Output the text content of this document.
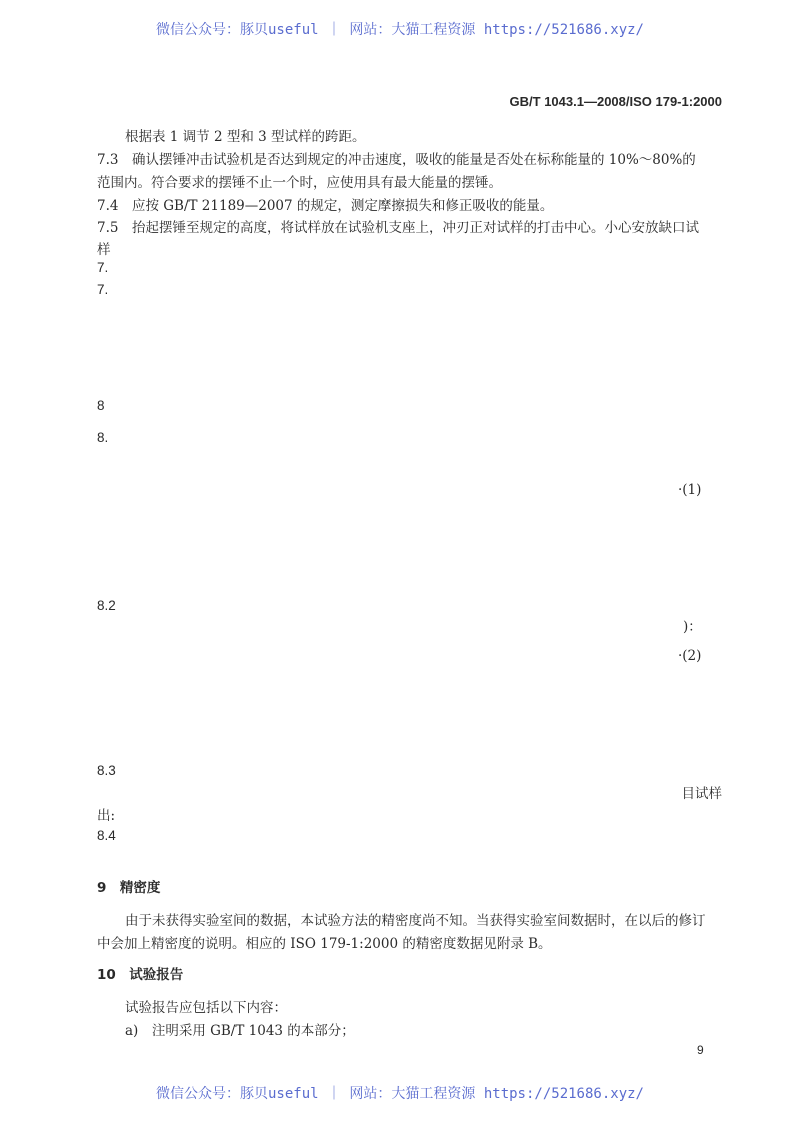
微信公众号：豚贝useful ｜ 网站：大猫工程资源 https://521686.xyz/
GB/T 1043.1—2008/ISO 179-1:2000
根据表 1 调节 2 型和 3 型试样的跨距。
7.3　确认摆锤冲击试验机是否达到规定的冲击速度，吸收的能量是否处在标称能量的 10%～80%的
范围内。符合要求的摆锤不止一个时，应使用具有最大能量的摆锤。
7.4　应按 GB/T 21189—2007 的规定，测定摩擦损失和修正吸收的能量。
7.5　抬起摆锤至规定的高度，将试样放在试验机支座上，冲刃正对试样的打击中心。小心安放缺口试
样
7.
7.
8
8.
·(1)
8.2
)：
·(2)
8.3
目试样
出:
8.4
9　精密度
由于未获得实验室间的数据，本试验方法的精密度尚不知。当获得实验室间数据时，在以后的修订
中会加上精密度的说明。相应的 ISO 179-1:2000 的精密度数据见附录 B。
10　试验报告
试验报告应包括以下内容：
a)　注明采用 GB/T 1043 的本部分；
9
微信公众号：豚贝useful ｜ 网站：大猫工程资源 https://521686.xyz/
